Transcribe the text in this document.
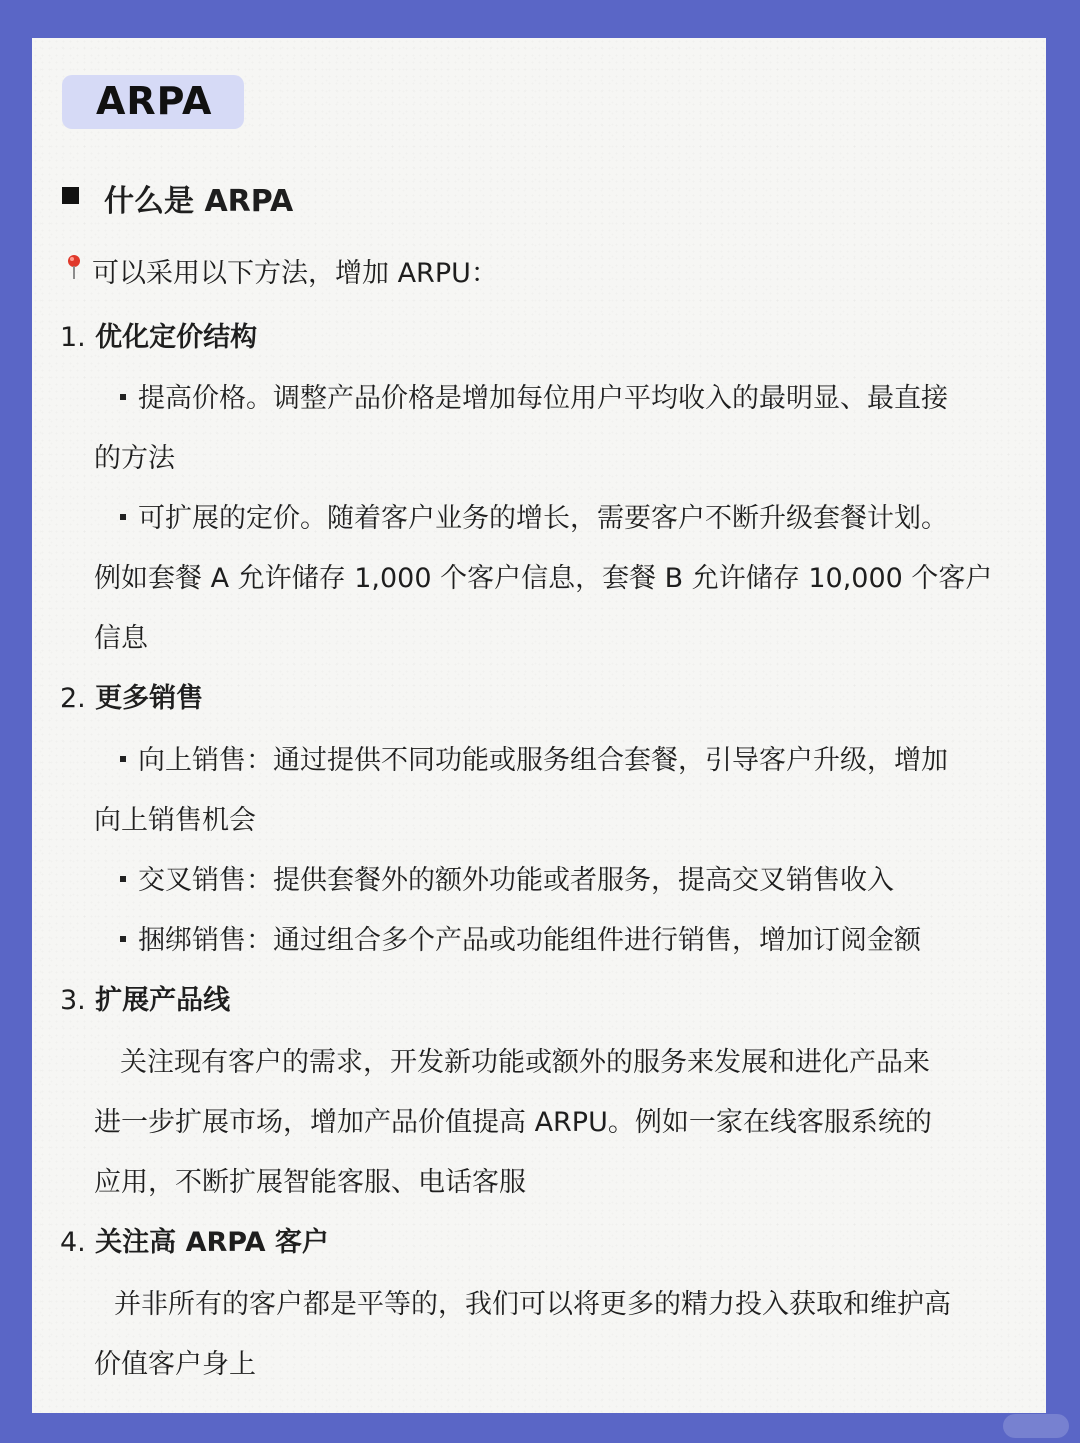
ARPA
什么是 ARPA
可以采用以下方法，增加 ARPU：
1. 优化定价结构
提高价格。调整产品价格是增加每位用户平均收入的最明显、最直接
的方法
可扩展的定价。随着客户业务的增长，需要客户不断升级套餐计划。
例如套餐 A 允许储存 1,000 个客户信息，套餐 B 允许储存 10,000 个客户
信息
2. 更多销售
向上销售：通过提供不同功能或服务组合套餐，引导客户升级，增加
向上销售机会
交叉销售：提供套餐外的额外功能或者服务，提高交叉销售收入
捆绑销售：通过组合多个产品或功能组件进行销售，增加订阅金额
3. 扩展产品线
关注现有客户的需求，开发新功能或额外的服务来发展和进化产品来
进一步扩展市场，增加产品价值提高 ARPU。例如一家在线客服系统的
应用，不断扩展智能客服、电话客服
4. 关注高 ARPA 客户
并非所有的客户都是平等的，我们可以将更多的精力投入获取和维护高
价值客户身上
